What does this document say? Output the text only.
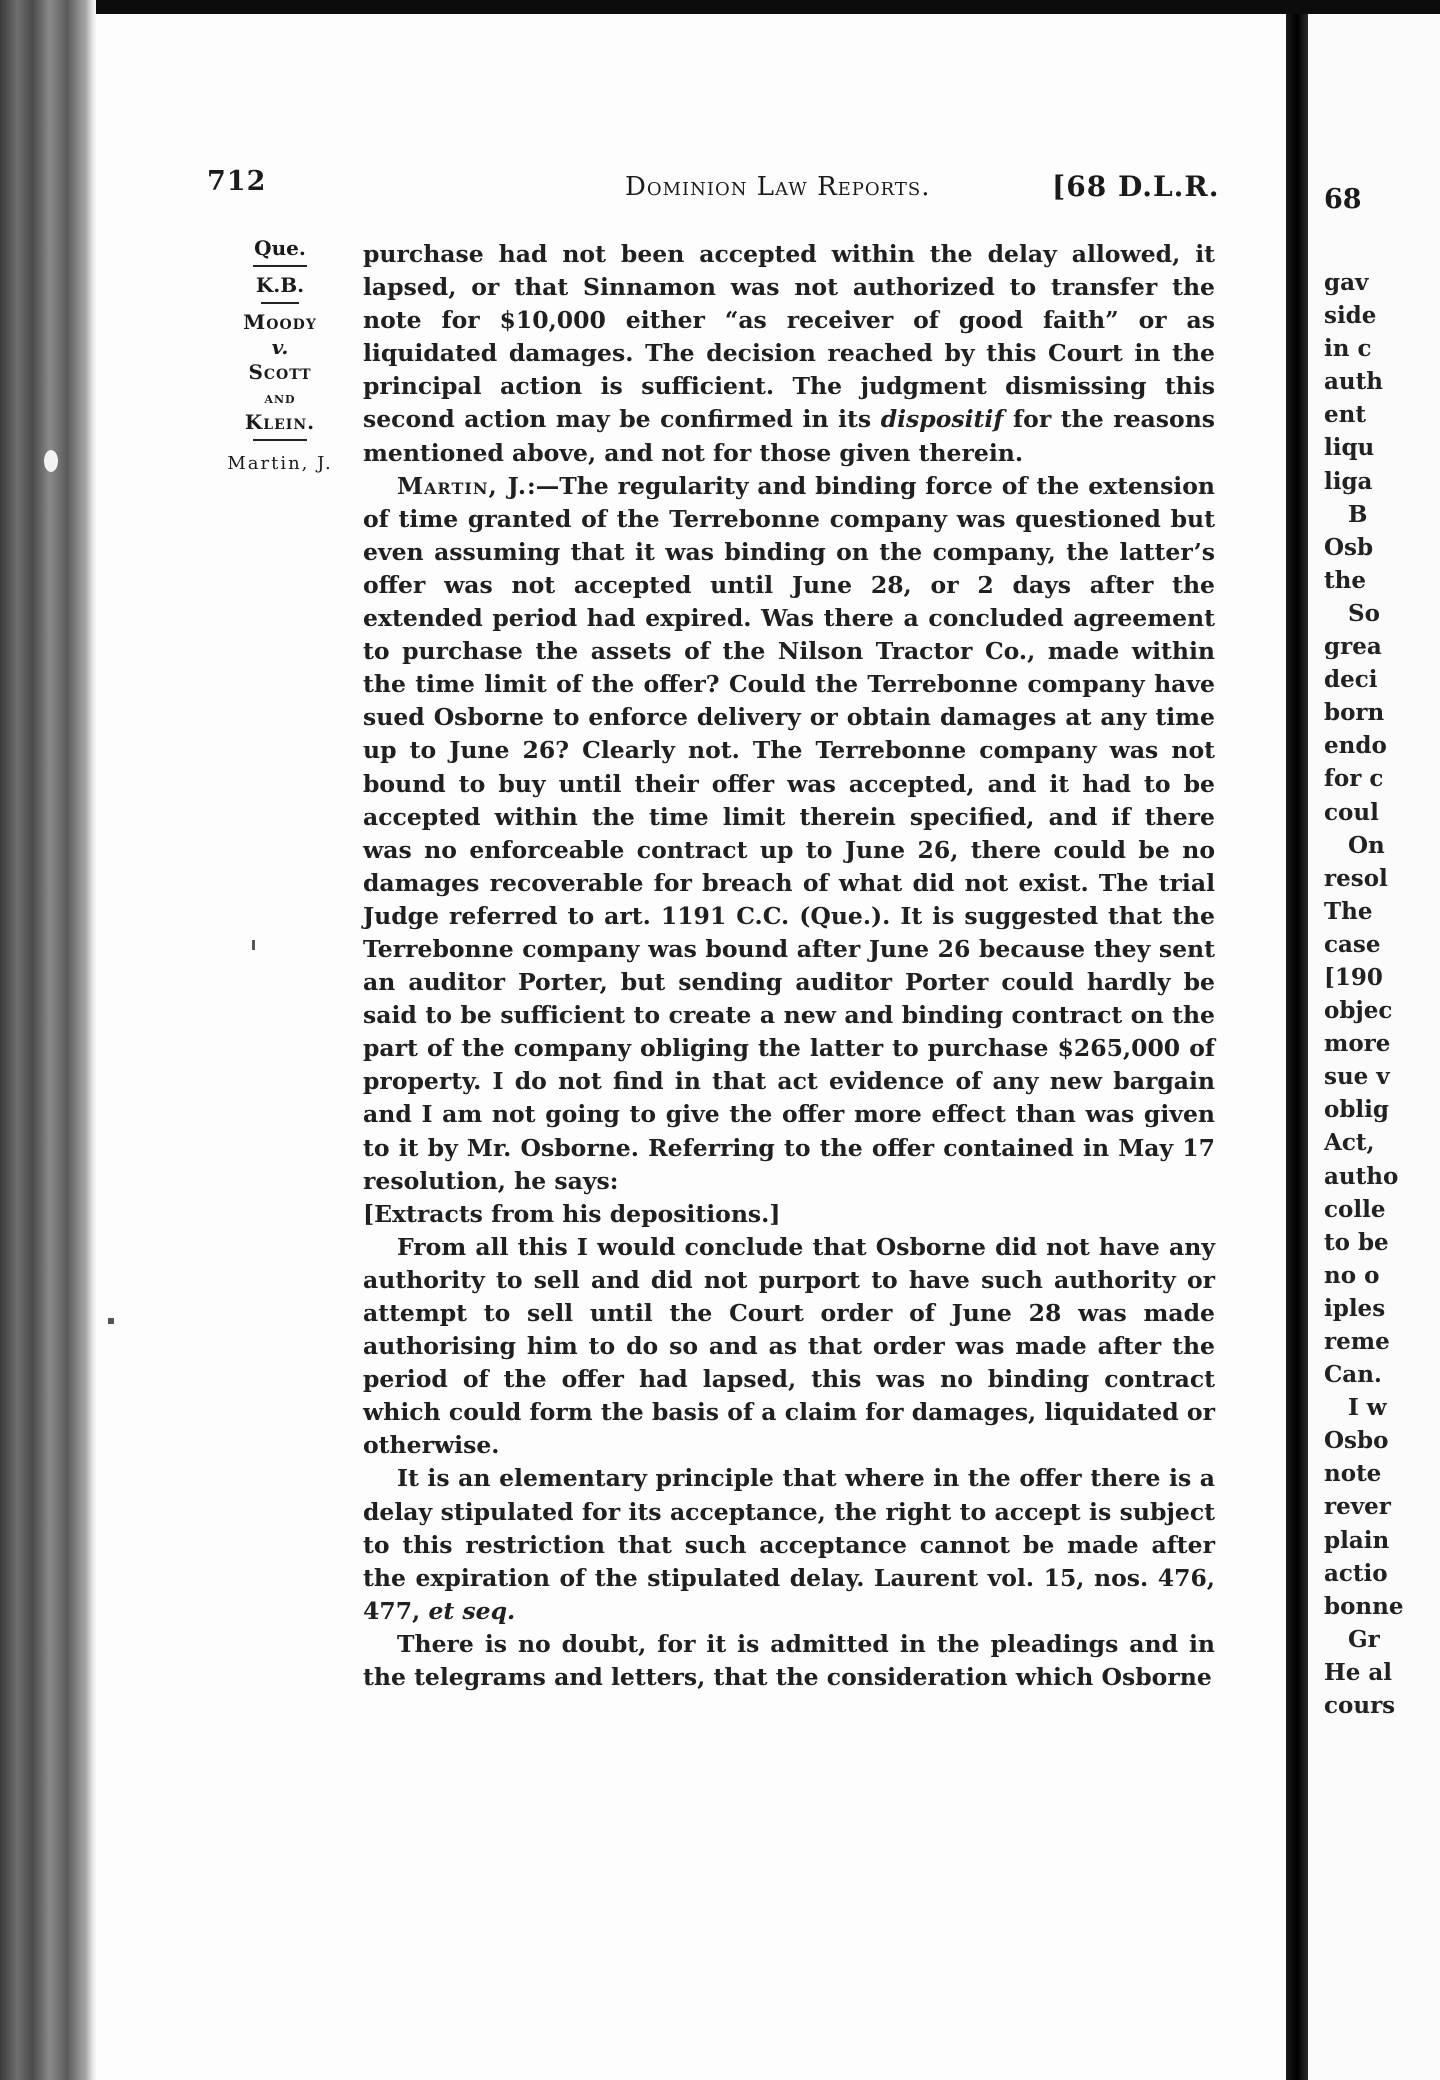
68
gav
side
in c
auth
ent
liqu
liga
B
Osb
the
So
grea
deci
born
endo
for c
coul
On
resol
The
case
[190
objec
more
sue v
oblig
Act,
autho
colle
to be
no o
iples
reme
Can.
I w
Osbo
note
rever
plain
actio
bonne
Gr
He al
cours
712	Dominion Law Reports.	[68 D.L.R.
Que.
K.B.
Moody
v.
Scott
and
Klein.
Martin, J.
purchase had not been accepted within the delay allowed, it lapsed, or that Sinnamon was not authorized to transfer the note for $10,000 either “as receiver of good faith” or as liquidated damages. The decision reached by this Court in the principal action is sufficient. The judgment dismissing this second action may be confirmed in its dispositif for the reasons mentioned above, and not for those given therein.
Martin, J.:—The regularity and binding force of the extension of time granted of the Terrebonne company was questioned but even assuming that it was binding on the company, the latter’s offer was not accepted until June 28, or 2 days after the extended period had expired. Was there a concluded agreement to purchase the assets of the Nilson Tractor Co., made within the time limit of the offer? Could the Terrebonne company have sued Osborne to enforce delivery or obtain damages at any time up to June 26? Clearly not. The Terrebonne company was not bound to buy until their offer was accepted, and it had to be accepted within the time limit therein specified, and if there was no enforceable contract up to June 26, there could be no damages recoverable for breach of what did not exist. The trial Judge referred to art. 1191 C.C. (Que.). It is suggested that the Terrebonne company was bound after June 26 because they sent an auditor Porter, but sending auditor Porter could hardly be said to be sufficient to create a new and binding contract on the part of the company obliging the latter to purchase $265,000 of property. I do not find in that act evidence of any new bargain and I am not going to give the offer more effect than was given to it by Mr. Osborne. Referring to the offer contained in May 17 resolution, he says:
[Extracts from his depositions.]
From all this I would conclude that Osborne did not have any authority to sell and did not purport to have such authority or attempt to sell until the Court order of June 28 was made authorising him to do so and as that order was made after the period of the offer had lapsed, this was no binding contract which could form the basis of a claim for damages, liquidated or otherwise.
It is an elementary principle that where in the offer there is a delay stipulated for its acceptance, the right to accept is subject to this restriction that such acceptance cannot be made after the expiration of the stipulated delay. Laurent vol. 15, nos. 476, 477, et seq.
There is no doubt, for it is admitted in the pleadings and in the telegrams and letters, that the consideration which Osborne
